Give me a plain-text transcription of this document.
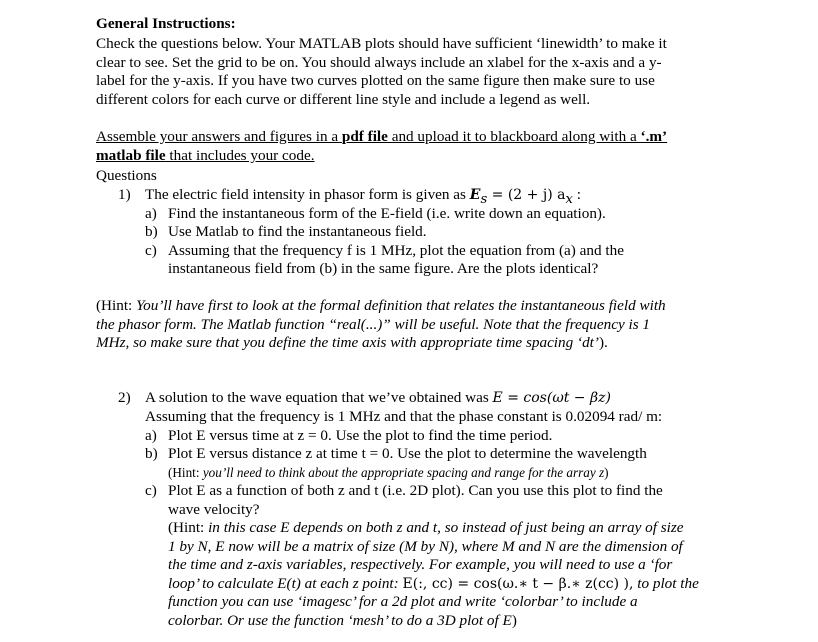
General Instructions:
Check the questions below. Your MATLAB plots should have sufficient ‘linewidth’ to make it
clear to see. Set the grid to be on. You should always include an xlabel for the x-axis and a y-
label for the y-axis. If you have two curves plotted on the same figure then make sure to use
different colors for each curve or different line style and include a legend as well.
Assemble your answers and figures in a pdf file and upload it to blackboard along with a ‘.m’
matlab file that includes your code.
Questions
1) The electric field intensity in phasor form is given as $E_s = (2 + j)$ $a_x$ :
a) Find the instantaneous form of the E-field (i.e. write down an equation).
b) Use Matlab to find the instantaneous field.
c) Assuming that the frequency f is 1 MHz, plot the equation from (a) and the
instantaneous field from (b) in the same figure. Are the plots identical?
(Hint: You’ll have first to look at the formal definition that relates the instantaneous field with
the phasor form. The Matlab function “real(...)” will be useful. Note that the frequency is 1
MHz, so make sure that you define the time axis with appropriate time spacing ‘dt’).
2) A solution to the wave equation that we’ve obtained was E = cos(ωt − βz)
Assuming that the frequency is 1 MHz and that the phase constant is 0.02094 rad/ m:
a) Plot E versus time at z = 0. Use the plot to find the time period.
b) Plot E versus distance z at time t = 0. Use the plot to determine the wavelength
(Hint: you’ll need to think about the appropriate spacing and range for the array z)
c) Plot E as a function of both z and t (i.e. 2D plot). Can you use this plot to find the
wave velocity?
(Hint: in this case E depends on both z and t, so instead of just being an array of size
1 by N, E now will be a matrix of size (M by N), where M and N are the dimension of
the time and z-axis variables, respectively. For example, you will need to use a ‘for
loop’ to calculate E(t) at each z point: E(:, cc) = cos(ω.∗ t − β.∗ z(cc) ), to plot the
function you can use ‘imagesc’ for a 2d plot and write ‘colorbar’ to include a
colorbar. Or use the function ‘mesh’ to do a 3D plot of E)
